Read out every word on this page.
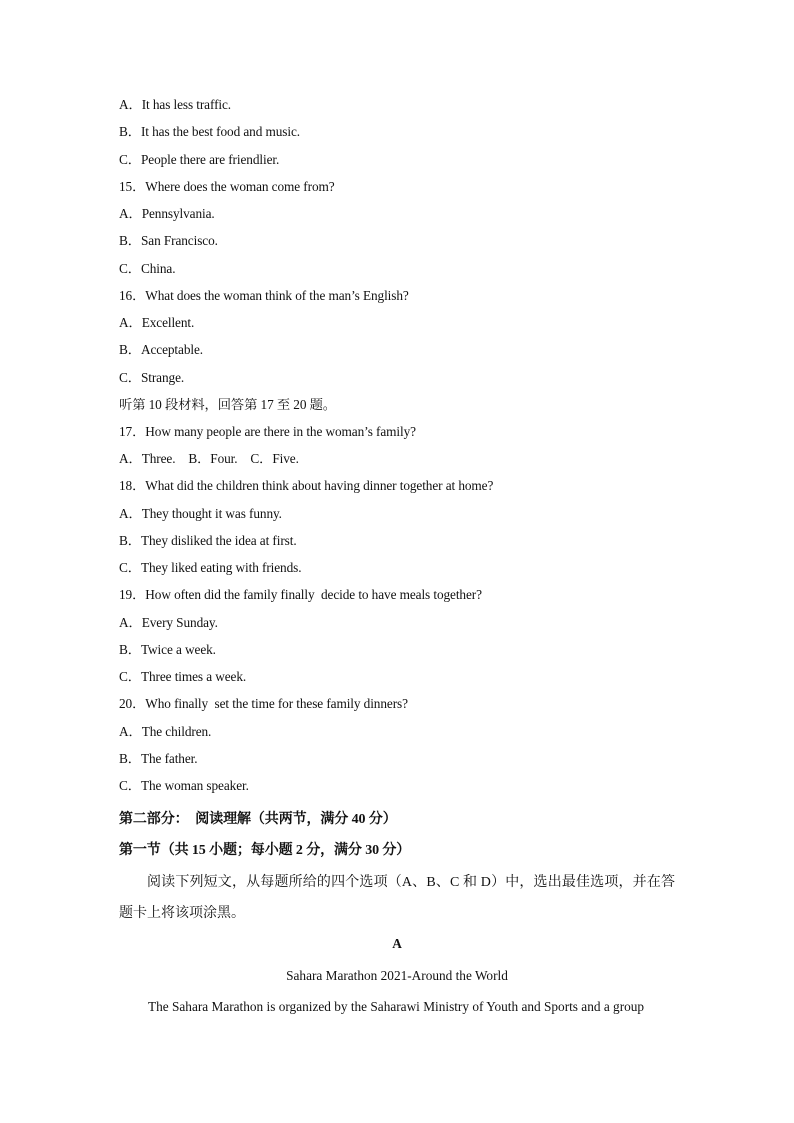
A．It has less traffic.
B．It has the best food and music.
C．People there are friendlier.
15．Where does the woman come from?
A．Pennsylvania.
B．San Francisco.
C．China.
16．What does the woman think of the man’s English?
A．Excellent.
B．Acceptable.
C．Strange.
听第 10 段材料，回答第 17 至 20 题。
17．How many people are there in the woman’s family?
A．Three.    B．Four.    C．Five.
18．What did the children think about having dinner together at home?
A．They thought it was funny.
B．They disliked the idea at first.
C．They liked eating with friends.
19．How often did the family finally  decide to have meals together?
A．Every Sunday.
B．Twice a week.
C．Three times a week.
20．Who finally  set the time for these family dinners?
A．The children.
B．The father.
C．The woman speaker.
第二部分：  阅读理解（共两节，满分 40 分）
第一节（共 15 小题；每小题 2 分，满分 30 分）
阅读下列短文，从每题所给的四个选项（A、B、C 和 D）中，选出最佳选项，并在答题卡上将该项涂黑。
A
Sahara Marathon 2021-Around the World
The Sahara Marathon is organized by the Saharawi Ministry of Youth and Sports and a group
